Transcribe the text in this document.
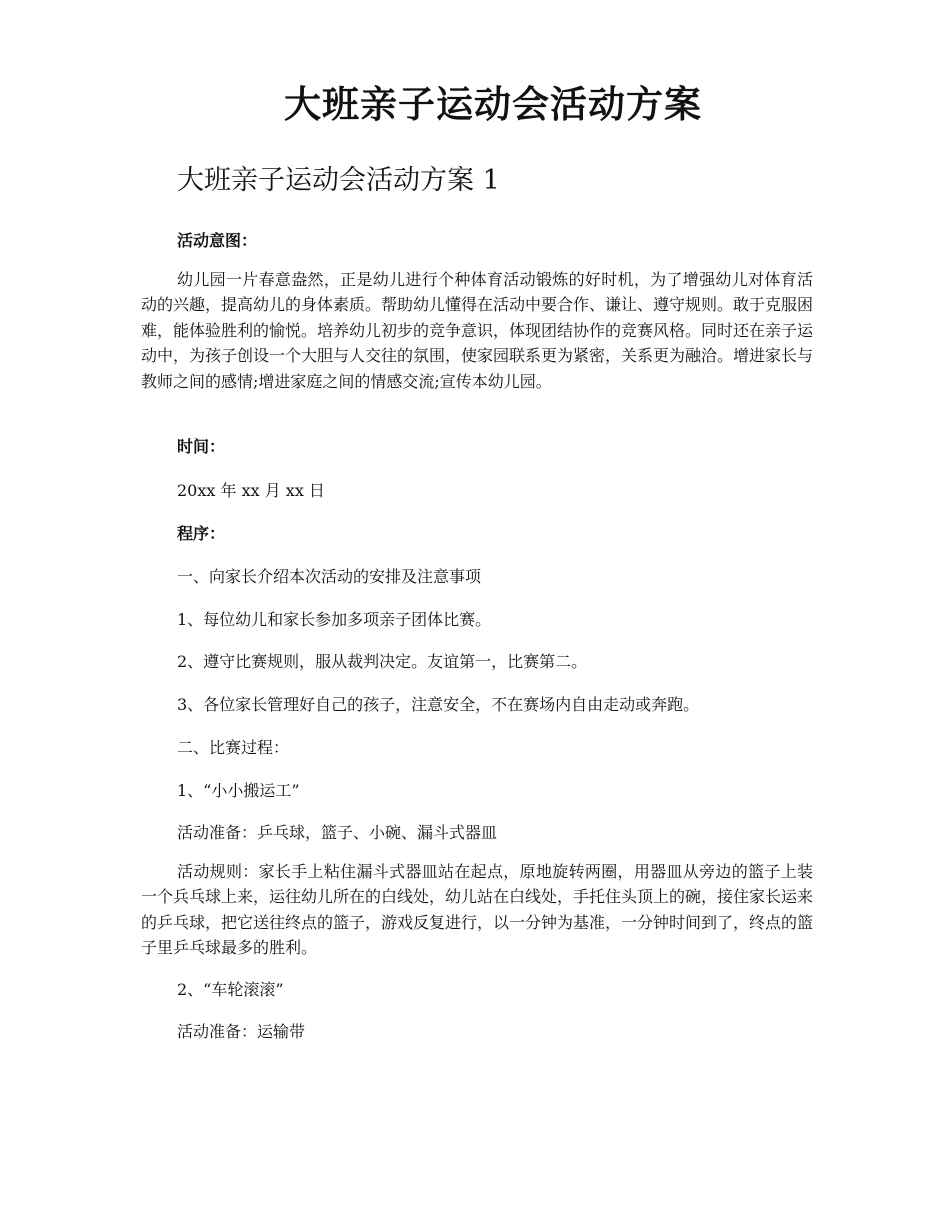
大班亲子运动会活动方案
大班亲子运动会活动方案 1
活动意图：
幼儿园一片春意盎然，正是幼儿进行个种体育活动锻炼的好时机，为了增强幼儿对体育活动的兴趣，提高幼儿的身体素质。帮助幼儿懂得在活动中要合作、谦让、遵守规则。敢于克服困难，能体验胜利的愉悦。培养幼儿初步的竞争意识，体现团结协作的竞赛风格。同时还在亲子运动中，为孩子创设一个大胆与人交往的氛围，使家园联系更为紧密，关系更为融洽。增进家长与教师之间的感情;增进家庭之间的情感交流;宣传本幼儿园。
时间：
20xx 年 xx 月 xx 日
程序：
一、向家长介绍本次活动的安排及注意事项
1、每位幼儿和家长参加多项亲子团体比赛。
2、遵守比赛规则，服从裁判决定。友谊第一，比赛第二。
3、各位家长管理好自己的孩子，注意安全，不在赛场内自由走动或奔跑。
二、比赛过程：
1、“小小搬运工”
活动准备：乒乓球，篮子、小碗、漏斗式器皿
活动规则：家长手上粘住漏斗式器皿站在起点，原地旋转两圈，用器皿从旁边的篮子上装一个兵乓球上来，运往幼儿所在的白线处，幼儿站在白线处，手托住头顶上的碗，接住家长运来的乒乓球，把它送往终点的篮子，游戏反复进行，以一分钟为基准，一分钟时间到了，终点的篮子里乒乓球最多的胜利。
2、“车轮滚滚”
活动准备：运输带
